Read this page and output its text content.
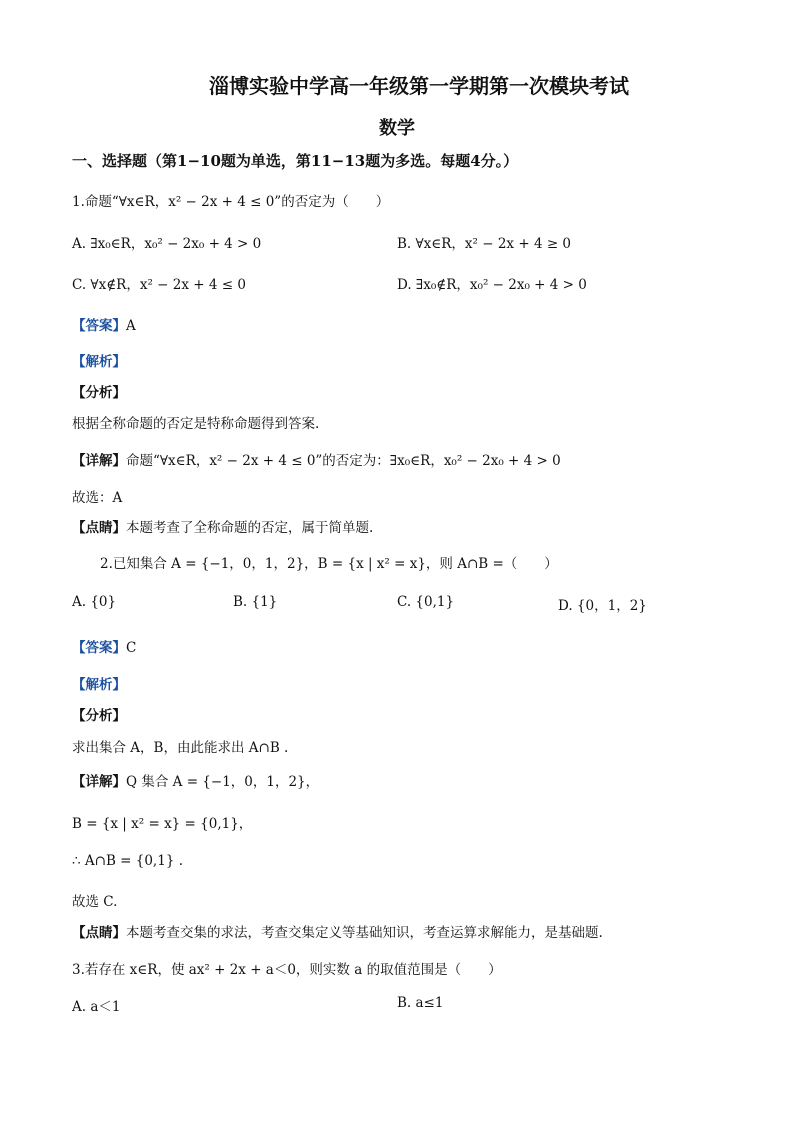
淄博实验中学高一年级第一学期第一次模块考试
数学
一、选择题（第1−10题为单选，第11−13题为多选。每题4分。）
1.命题“∀x∈R，x² − 2x + 4 ≤ 0”的否定为（　　）
A. ∃x₀∈R，x₀² − 2x₀ + 4 > 0	B. ∀x∈R，x² − 2x + 4 ≥ 0
C. ∀x∉R，x² − 2x + 4 ≤ 0	D. ∃x₀∉R，x₀² − 2x₀ + 4 > 0
【答案】A
【解析】
【分析】
根据全称命题的否定是特称命题得到答案.
【详解】命题“∀x∈R，x² − 2x + 4 ≤ 0”的否定为：∃x₀∈R，x₀² − 2x₀ + 4 > 0
故选：A
【点睛】本题考查了全称命题的否定，属于简单题.
2.已知集合 A = {−1，0，1，2}，B = {x | x² = x}，则 A∩B =（　　）
A. {0}	B. {1}	C. {0,1}	D. {0，1，2}
【答案】C
【解析】
【分析】
求出集合 A，B，由此能求出 A∩B .
【详解】Q 集合 A = {−1，0，1，2}，
B = {x | x² = x} = {0,1}，
∴ A∩B = {0,1} .
故选 C.
【点睛】本题考查交集的求法，考查交集定义等基础知识，考查运算求解能力，是基础题.
3.若存在 x∈R，使 ax² + 2x + a＜0，则实数 a 的取值范围是（　　）
A. a＜1	B. a≤1
